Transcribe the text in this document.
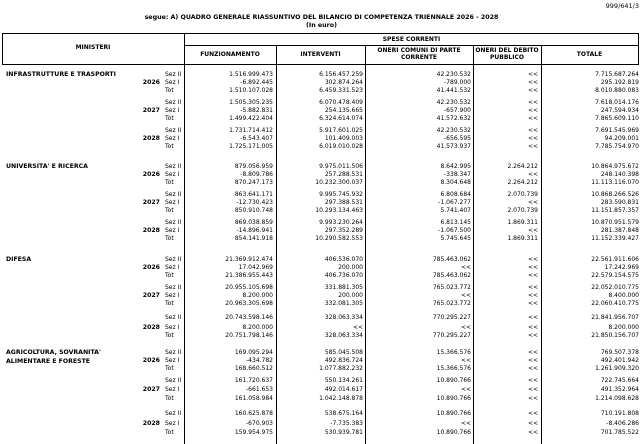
999/641/3
segue: A) QUADRO GENERALE RIASSUNTIVO DEL BILANCIO DI COMPETENZA TRIENNALE 2026 - 2028
(In euro)
MINISTERI
SPESE CORRENTI
FUNZIONAMENTO	INTERVENTI
ONERI COMUNI DI PARTE CORRENTE
ONERI DEL DEBITO PUBBLICO	TOTALE
INFRASTRUTTURE E TRASPORTI
2026
Sez II	1.516.999.473	6.156.457.259	42.230.532	<<	7.715.687.264
Sez I	-6.892.445	302.874.264	-789.000	<<	295.192.819
Tot	1.510.107.028	6.459.331.523	41.441.532	<<	8.010.880.083
2027
Sez II	1.505.305.235	6.070.478.409	42.230.532	<<	7.618.014.176
Sez I	-5.882.831	254.135.665	-657.900	<<	247.594.934
Tot	1.499.422.404	6.324.614.074	41.572.632	<<	7.865.609.110
2028
Sez II	1.731.714.412	5.917.601.025	42.230.532	<<	7.691.545.969
Sez I	-6.543.407	101.409.003	-656.595	<<	94.209.001
Tot	1.725.171.005	6.019.010.028	41.573.937	<<	7.785.754.970
UNIVERSITA' E RICERCA
2026
Sez II	879.056.959	9.975.011.506	8.642.995	2.264.212	10.864.975.672
Sez I	-8.809.786	257.288.531	-338.347	<<	248.140.398
Tot	870.247.173	10.232.300.037	8.304.648	2.264.212	11.113.116.070
2027
Sez II	863.641.171	9.995.745.932	6.808.684	2.070.739	10.868.266.526
Sez I	-12.730.423	297.388.531	-1.067.277	<<	283.590.831
Tot	850.910.748	10.293.134.463	5.741.407	2.070.739	11.151.857.357
2028
Sez II	869.038.859	9.993.230.264	6.813.145	1.869.311	10.870.951.579
Sez I	-14.896.941	297.352.289	-1.067.500	<<	281.387.848
Tot	854.141.918	10.290.582.553	5.745.645	1.869.311	11.152.339.427
DIFESA
2026
Sez II	21.369.912.474	406.536.070	785.463.062	<<	22.561.911.606
Sez I	17.042.969	200.000	<<	<<	17.242.969
Tot	21.386.955.443	406.736.070	785.463.062	<<	22.579.154.575
2027
Sez II	20.955.105.698	331.881.305	765.023.772	<<	22.052.010.775
Sez I	8.200.000	200.000	<<	<<	8.400.000
Tot	20.963.305.698	332.081.305	765.023.772	<<	22.060.410.775
2028
Sez II	20.743.598.146	328.063.334	770.295.227	<<	21.841.956.707
Sez I	8.200.000	<<	<<	<<	8.200.000
Tot	20.751.798.146	328.063.334	770.295.227	<<	21.850.156.707
AGRICOLTURA, SOVRANITA' ALIMENTARE E FORESTE	2026
Sez II	169.095.294	585.045.508	15.366.576	<<	769.507.378
Sez I	-434.782	492.836.724	<<	<<	492.401.942
Tot	168.660.512	1.077.882.232	15.366.576	<<	1.261.909.320
2027
Sez II	161.720.637	550.134.261	10.890.766	<<	722.745.664
Sez I	-661.653	492.014.617	<<	<<	491.352.964
Tot	161.058.984	1.042.148.878	10.890.766	<<	1.214.098.628
2028
Sez II	160.625.878	538.675.164	10.890.766	<<	710.191.808
Sez I	-670.903	-7.735.383	<<	<<	-8.406.286
Tot	159.954.975	530.939.781	10.890.766	<<	701.785.522
